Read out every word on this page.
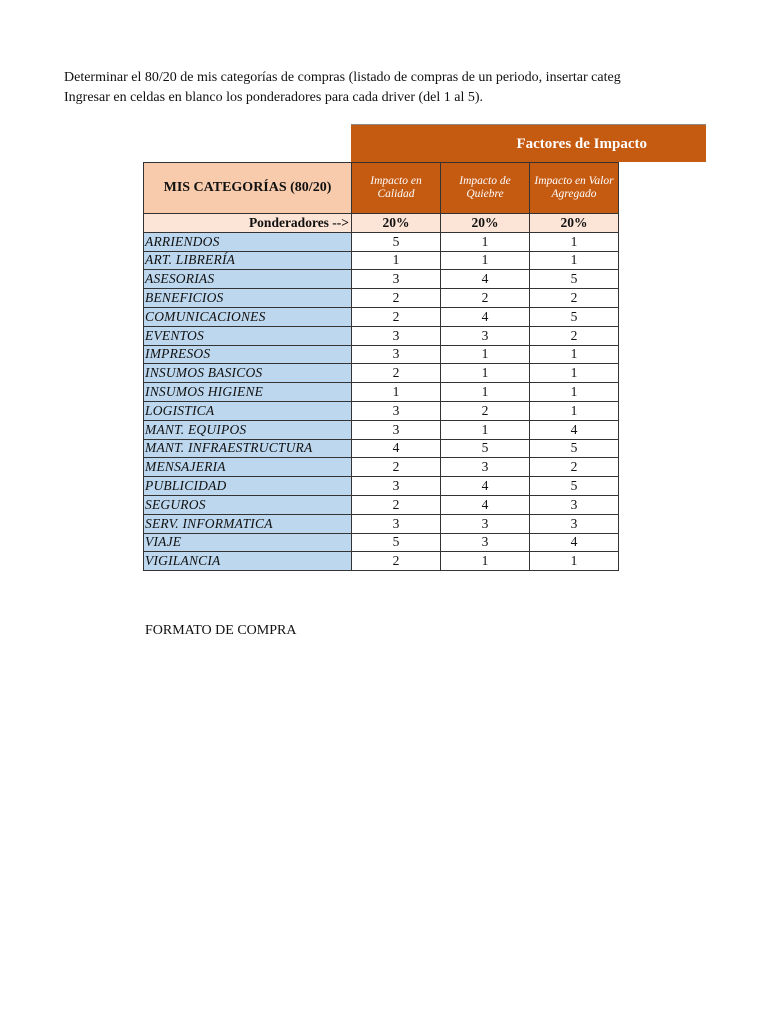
Determinar el 80/20 de mis categorías de compras (listado de compras de un periodo, insertar categ
Ingresar en celdas en blanco los ponderadores para cada driver (del 1 al 5).
Factores de Impacto
MIS CATEGORÍAS (80/20)	Impacto en Calidad	Impacto de Quiebre	Impacto en Valor Agregado
Ponderadores -->	20%	20%	20%
ARRIENDOS	5	1	1
ART. LIBRERÍA	1	1	1
ASESORIAS	3	4	5
BENEFICIOS	2	2	2
COMUNICACIONES	2	4	5
EVENTOS	3	3	2
IMPRESOS	3	1	1
INSUMOS BASICOS	2	1	1
INSUMOS HIGIENE	1	1	1
LOGISTICA	3	2	1
MANT. EQUIPOS	3	1	4
MANT. INFRAESTRUCTURA	4	5	5
MENSAJERIA	2	3	2
PUBLICIDAD	3	4	5
SEGUROS	2	4	3
SERV. INFORMATICA	3	3	3
VIAJE	5	3	4
VIGILANCIA	2	1	1
FORMATO DE COMPRA
